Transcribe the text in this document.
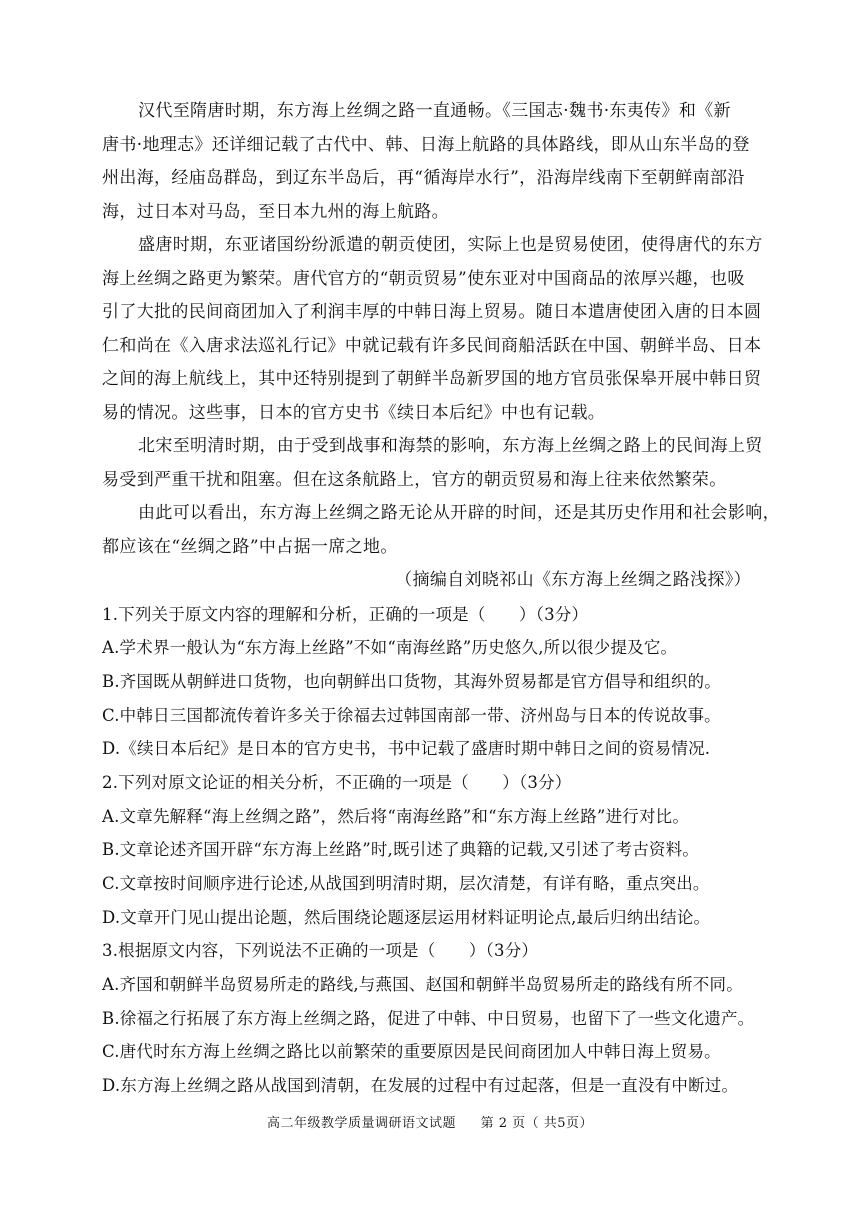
汉代至隋唐时期，东方海上丝绸之路一直通畅。《三国志·魏书·东夷传》和《新
唐书·地理志》还详细记载了古代中、韩、日海上航路的具体路线，即从山东半岛的登
州出海，经庙岛群岛，到辽东半岛后，再“循海岸水行”，沿海岸线南下至朝鲜南部沿
海，过日本对马岛，至日本九州的海上航路。
盛唐时期，东亚诸国纷纷派遣的朝贡使团，实际上也是贸易使团，使得唐代的东方
海上丝绸之路更为繁荣。唐代官方的“朝贡贸易”使东亚对中国商品的浓厚兴趣，也吸
引了大批的民间商团加入了利润丰厚的中韩日海上贸易。随日本遣唐使团入唐的日本圆
仁和尚在《入唐求法巡礼行记》中就记载有许多民间商船活跃在中国、朝鲜半岛、日本
之间的海上航线上，其中还特别提到了朝鲜半岛新罗国的地方官员张保皋开展中韩日贸
易的情况。这些事，日本的官方史书《续日本后纪》中也有记载。
北宋至明清时期，由于受到战事和海禁的影响，东方海上丝绸之路上的民间海上贸
易受到严重干扰和阻塞。但在这条航路上，官方的朝贡贸易和海上往来依然繁荣。
由此可以看出，东方海上丝绸之路无论从开辟的时间，还是其历史作用和社会影响，
都应该在“丝绸之路”中占据一席之地。
（摘编自刘晓祁山《东方海上丝绸之路浅探》）
1.下列关于原文内容的理解和分析，正确的一项是（　　）（3分）
A.学术界一般认为“东方海上丝路”不如“南海丝路”历史悠久,所以很少提及它。
B.齐国既从朝鲜进口货物，也向朝鲜出口货物，其海外贸易都是官方倡导和组织的。
C.中韩日三国都流传着许多关于徐福去过韩国南部一带、济州岛与日本的传说故事。
D.《续日本后纪》是日本的官方史书，书中记载了盛唐时期中韩日之间的资易情况.
2.下列对原文论证的相关分析，不正确的一项是（　　）（3分）
A.文章先解释“海上丝绸之路”，然后将“南海丝路”和“东方海上丝路”进行对比。
B.文章论述齐国开辟“东方海上丝路”时,既引述了典籍的记载,又引述了考古资料。
C.文章按时间顺序进行论述,从战国到明清时期，层次清楚，有详有略，重点突出。
D.文章开门见山提出论题，然后围绕论题逐层运用材料证明论点,最后归纳出结论。
3.根据原文内容，下列说法不正确的一项是（　　）（3分）
A.齐国和朝鲜半岛贸易所走的路线,与燕国、赵国和朝鲜半岛贸易所走的路线有所不同。
B.徐福之行拓展了东方海上丝绸之路，促进了中韩、中日贸易，也留下了一些文化遗产。
C.唐代时东方海上丝绸之路比以前繁荣的重要原因是民间商团加人中韩日海上贸易。
D.东方海上丝绸之路从战国到清朝，在发展的过程中有过起落，但是一直没有中断过。
高二年级教学质量调研语文试题 第 2 页（ 共5页）
